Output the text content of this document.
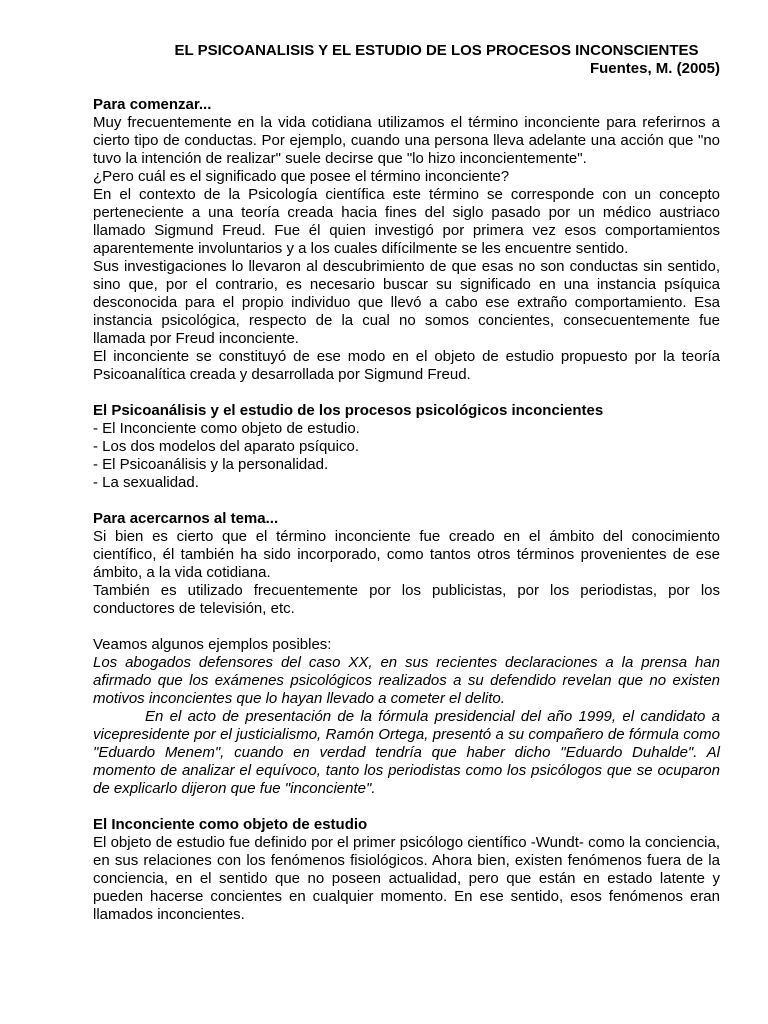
EL PSICOANALISIS Y EL ESTUDIO DE LOS PROCESOS INCONSCIENTES
Fuentes, M. (2005)

Para comenzar...

Muy frecuentemente en la vida cotidiana utilizamos el término inconciente para referirnos a cierto tipo de conductas. Por ejemplo, cuando una persona lleva adelante una acción que "no tuvo la intención de realizar" suele decirse que "lo hizo inconcientemente".

¿Pero cuál es el significado que posee el término inconciente?

En el contexto de la Psicología científica este término se corresponde con un concepto perteneciente a una teoría creada hacia fines del siglo pasado por un médico austriaco llamado Sigmund Freud. Fue él quien investigó por primera vez esos comportamientos aparentemente involuntarios y a los cuales difícilmente se les encuentre sentido.

Sus investigaciones lo llevaron al descubrimiento de que esas no son conductas sin sentido, sino que, por el contrario, es necesario buscar su significado en una instancia psíquica desconocida para el propio individuo que llevó a cabo ese extraño comportamiento. Esa instancia psicológica, respecto de la cual no somos concientes, consecuentemente fue llamada por Freud inconciente.

El inconciente se constituyó de ese modo en el objeto de estudio propuesto por la teoría Psicoanalítica creada y desarrollada por Sigmund Freud.

El Psicoanálisis y el estudio de los procesos psicológicos inconcientes

- El Inconciente como objeto de estudio.
- Los dos modelos del aparato psíquico.
- El Psicoanálisis y la personalidad.
- La sexualidad.

Para acercarnos al tema...

Si bien es cierto que el término inconciente fue creado en el ámbito del conocimiento científico, él también ha sido incorporado, como tantos otros términos provenientes de ese ámbito, a la vida cotidiana.

También es utilizado frecuentemente por los publicistas, por los periodistas, por los conductores de televisión, etc.

Veamos algunos ejemplos posibles:

Los abogados defensores del caso XX, en sus recientes declaraciones a la prensa han afirmado que los exámenes psicológicos realizados a su defendido revelan que no existen motivos inconcientes que lo hayan llevado a cometer el delito.

En el acto de presentación de la fórmula presidencial del año 1999, el candidato a vicepresidente por el justicialismo, Ramón Ortega, presentó a su compañero de fórmula como "Eduardo Menem", cuando en verdad tendría que haber dicho "Eduardo Duhalde". Al momento de analizar el equívoco, tanto los periodistas como los psicólogos que se ocuparon de explicarlo dijeron que fue "inconciente".

El Inconciente como objeto de estudio

El objeto de estudio fue definido por el primer psicólogo científico -Wundt- como la conciencia, en sus relaciones con los fenómenos fisiológicos. Ahora bien, existen fenómenos fuera de la conciencia, en el sentido que no poseen actualidad, pero que están en estado latente y pueden hacerse concientes en cualquier momento. En ese sentido, esos fenómenos eran llamados inconcientes.
